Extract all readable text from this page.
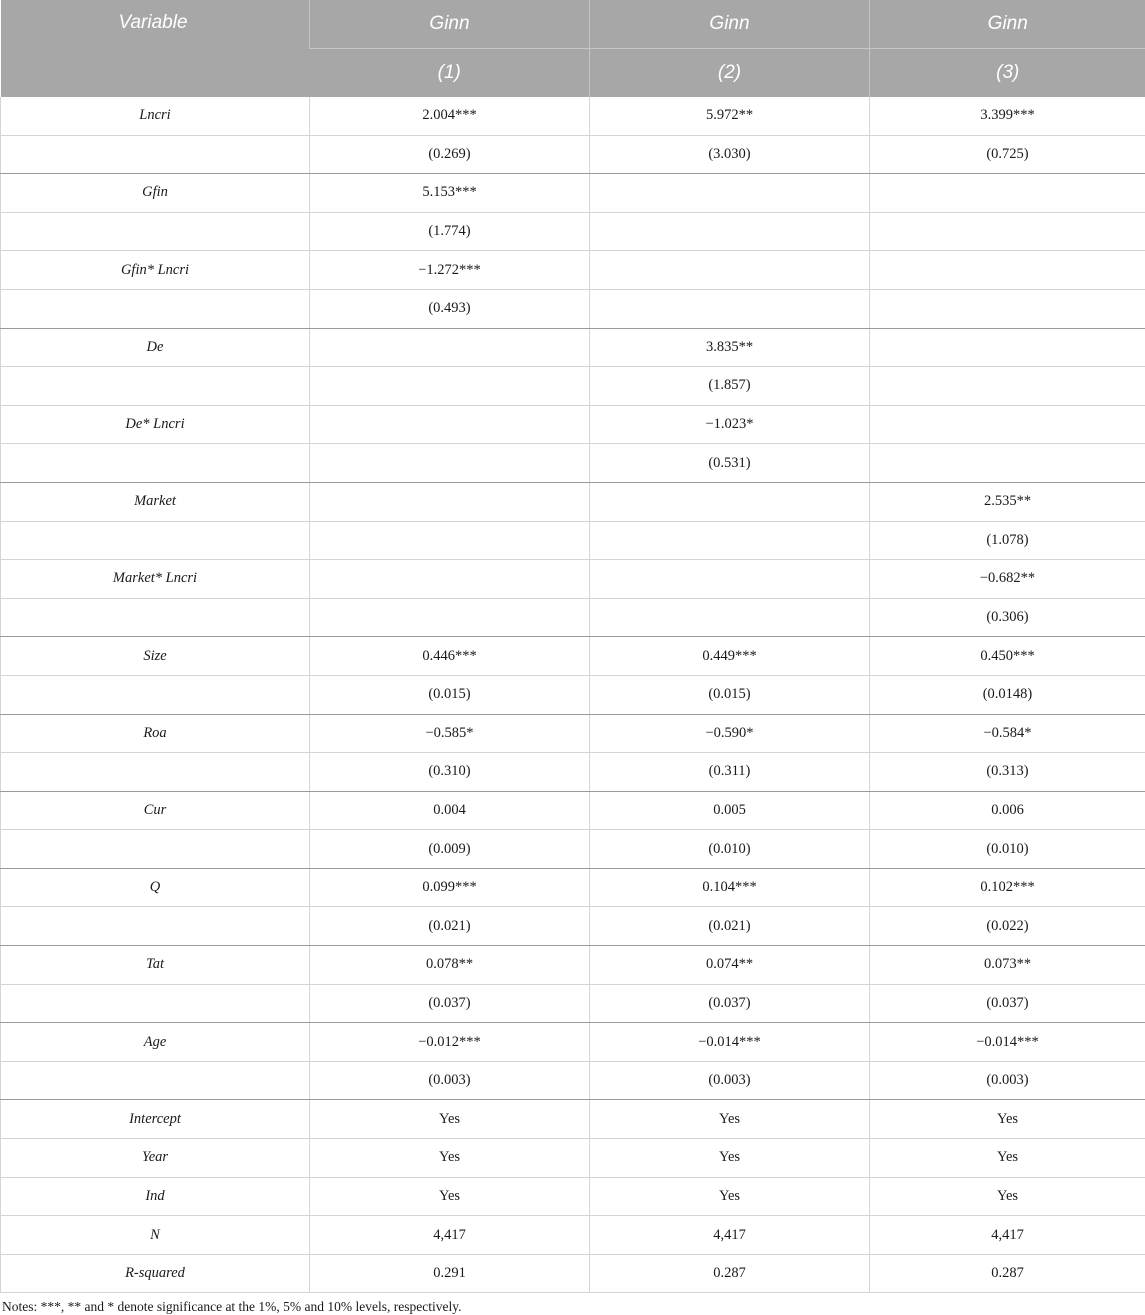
Variable	Ginn	Ginn	Ginn
	(1)	(2)	(3)
Lncri	2.004***	5.972**	3.399***
	(0.269)	(3.030)	(0.725)
Gfin	5.153***		
	(1.774)		
Gfin* Lncri	−1.272***		
	(0.493)		
De		3.835**	
		(1.857)	
De* Lncri		−1.023*	
		(0.531)	
Market			2.535**
			(1.078)
Market* Lncri			−0.682**
			(0.306)
Size	0.446***	0.449***	0.450***
	(0.015)	(0.015)	(0.0148)
Roa	−0.585*	−0.590*	−0.584*
	(0.310)	(0.311)	(0.313)
Cur	0.004	0.005	0.006
	(0.009)	(0.010)	(0.010)
Q	0.099***	0.104***	0.102***
	(0.021)	(0.021)	(0.022)
Tat	0.078**	0.074**	0.073**
	(0.037)	(0.037)	(0.037)
Age	−0.012***	−0.014***	−0.014***
	(0.003)	(0.003)	(0.003)
Intercept	Yes	Yes	Yes
Year	Yes	Yes	Yes
Ind	Yes	Yes	Yes
N	4,417	4,417	4,417
R-squared	0.291	0.287	0.287
Notes: ***, ** and * denote significance at the 1%, 5% and 10% levels, respectively.
